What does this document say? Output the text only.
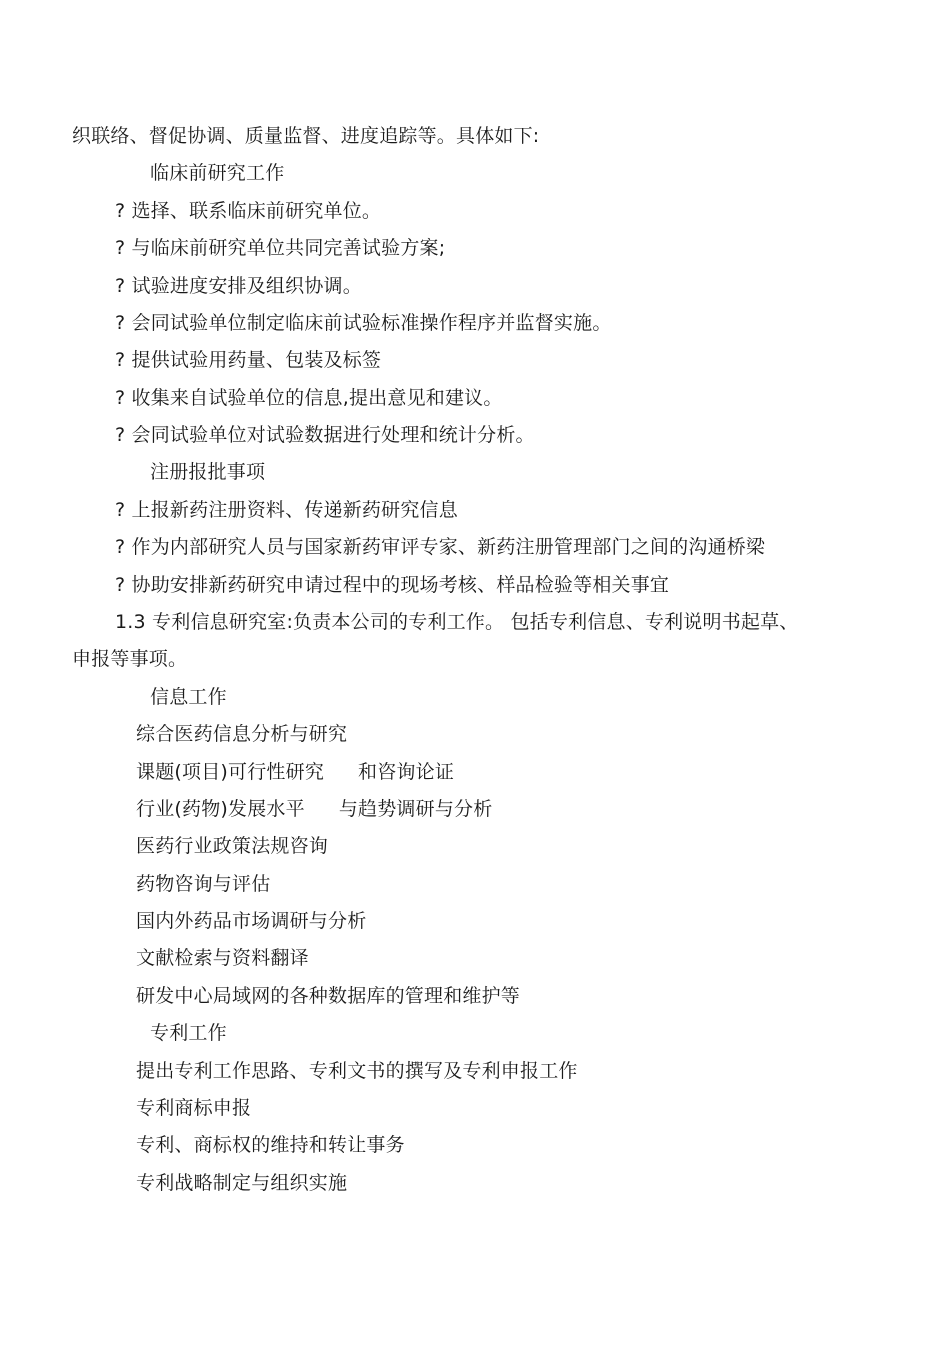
织联络、督促协调、质量监督、进度追踪等。具体如下:
临床前研究工作
? 选择、联系临床前研究单位。
? 与临床前研究单位共同完善试验方案;
? 试验进度安排及组织协调。
? 会同试验单位制定临床前试验标准操作程序并监督实施。
? 提供试验用药量、包装及标签
? 收集来自试验单位的信息,提出意见和建议。
? 会同试验单位对试验数据进行处理和统计分析。
注册报批事项
? 上报新药注册资料、传递新药研究信息
? 作为内部研究人员与国家新药审评专家、新药注册管理部门之间的沟通桥梁
? 协助安排新药研究申请过程中的现场考核、样品检验等相关事宜
1.3 专利信息研究室:负责本公司的专利工作。 包括专利信息、专利说明书起草、
申报等事项。
信息工作
综合医药信息分析与研究
课题(项目)可行性研究 和咨询论证
行业(药物)发展水平 与趋势调研与分析
医药行业政策法规咨询
药物咨询与评估
国内外药品市场调研与分析
文献检索与资料翻译
研发中心局域网的各种数据库的管理和维护等
专利工作
提出专利工作思路、专利文书的撰写及专利申报工作
专利商标申报
专利、商标权的维持和转让事务
专利战略制定与组织实施
